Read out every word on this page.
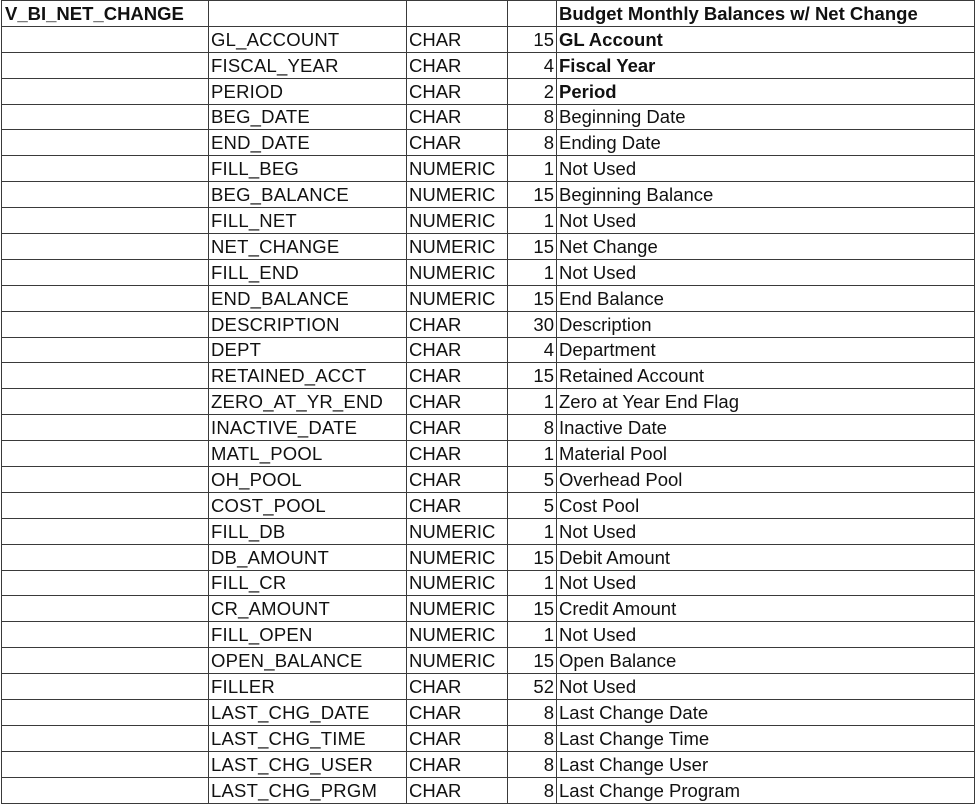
V_BI_NET_CHANGE				Budget Monthly Balances w/ Net Change
	GL_ACCOUNT	CHAR	15	GL Account
	FISCAL_YEAR	CHAR	4	Fiscal Year
	PERIOD	CHAR	2	Period
	BEG_DATE	CHAR	8	Beginning Date
	END_DATE	CHAR	8	Ending Date
	FILL_BEG	NUMERIC	1	Not Used
	BEG_BALANCE	NUMERIC	15	Beginning Balance
	FILL_NET	NUMERIC	1	Not Used
	NET_CHANGE	NUMERIC	15	Net Change
	FILL_END	NUMERIC	1	Not Used
	END_BALANCE	NUMERIC	15	End Balance
	DESCRIPTION	CHAR	30	Description
	DEPT	CHAR	4	Department
	RETAINED_ACCT	CHAR	15	Retained Account
	ZERO_AT_YR_END	CHAR	1	Zero at Year End Flag
	INACTIVE_DATE	CHAR	8	Inactive Date
	MATL_POOL	CHAR	1	Material Pool
	OH_POOL	CHAR	5	Overhead Pool
	COST_POOL	CHAR	5	Cost Pool
	FILL_DB	NUMERIC	1	Not Used
	DB_AMOUNT	NUMERIC	15	Debit Amount
	FILL_CR	NUMERIC	1	Not Used
	CR_AMOUNT	NUMERIC	15	Credit Amount
	FILL_OPEN	NUMERIC	1	Not Used
	OPEN_BALANCE	NUMERIC	15	Open Balance
	FILLER	CHAR	52	Not Used
	LAST_CHG_DATE	CHAR	8	Last Change Date
	LAST_CHG_TIME	CHAR	8	Last Change Time
	LAST_CHG_USER	CHAR	8	Last Change User
	LAST_CHG_PRGM	CHAR	8	Last Change Program
